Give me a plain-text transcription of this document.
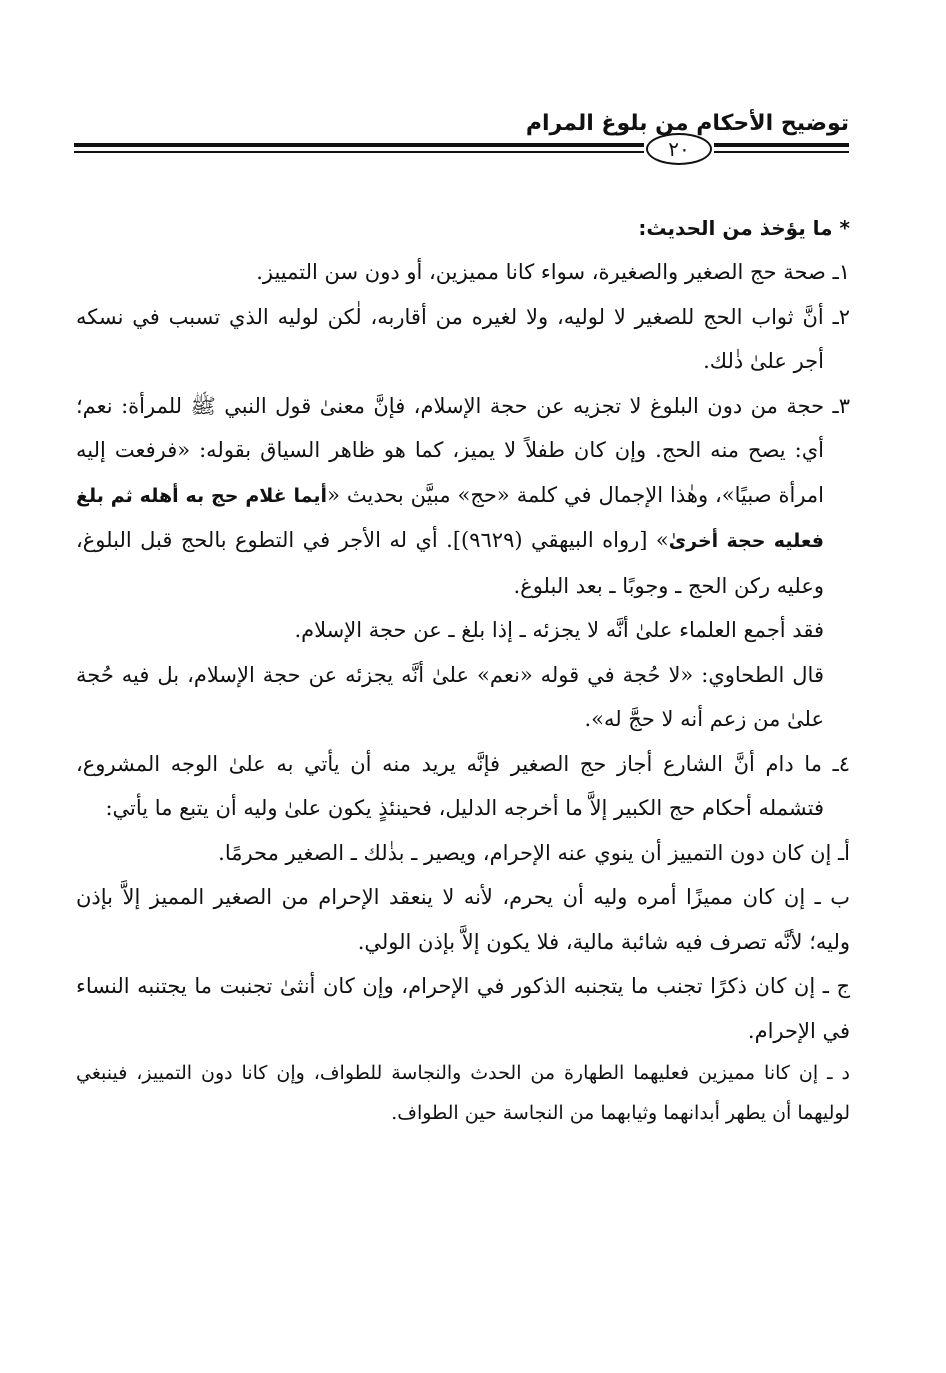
توضيح الأحكام من بلوغ المرام
٢٠
* ما يؤخذ من الحديث:

١ـ صحة حج الصغير والصغيرة، سواء كانا مميزين، أو دون سن التمييز.

٢ـ أنَّ ثواب الحج للصغير لا لوليه، ولا لغيره من أقاربه، لٰكن لوليه الذي تسبب في نسكه أجر علىٰ ذٰلك.

٣ـ حجة من دون البلوغ لا تجزيه عن حجة الإسلام، فإنَّ معنىٰ قول النبي ﷺ للمرأة: نعم؛ أي: يصح منه الحج. وإن كان طفلاً لا يميز، كما هو ظاهر السياق بقوله: «فرفعت إليه امرأة صبيًا»، وهٰذا الإجمال في كلمة «حج» مبيَّن بحديث «أيما غلام حج به أهله ثم بلغ فعليه حجة أخرىٰ» [رواه البيهقي (٩٦٢٩)]. أي له الأجر في التطوع بالحج قبل البلوغ، وعليه ركن الحج ـ وجوبًا ـ بعد البلوغ.

فقد أجمع العلماء علىٰ أنَّه لا يجزئه ـ إذا بلغ ـ عن حجة الإسلام.

قال الطحاوي: «لا حُجة في قوله «نعم» علىٰ أنَّه يجزئه عن حجة الإسلام، بل فيه حُجة علىٰ من زعم أنه لا حجَّ له».

٤ـ ما دام أنَّ الشارع أجاز حج الصغير فإنَّه يريد منه أن يأتي به علىٰ الوجه المشروع، فتشمله أحكام حج الكبير إلاَّ ما أخرجه الدليل، فحينئذٍ يكون علىٰ وليه أن يتبع ما يأتي:

أـ إن كان دون التمييز أن ينوي عنه الإحرام، ويصير ـ بذٰلك ـ الصغير محرمًا.

ب ـ إن كان مميزًا أمره وليه أن يحرم، لأنه لا ينعقد الإحرام من الصغير المميز إلاَّ بإذن وليه؛ لأنَّه تصرف فيه شائبة مالية، فلا يكون إلاَّ بإذن الولي.

ج ـ إن كان ذكرًا تجنب ما يتجنبه الذكور في الإحرام، وإن كان أنثىٰ تجنبت ما يجتنبه النساء في الإحرام.

د ـ إن كانا مميزين فعليهما الطهارة من الحدث والنجاسة للطواف، وإن كانا دون التمييز، فينبغي لوليهما أن يطهر أبدانهما وثيابهما من النجاسة حين الطواف.
